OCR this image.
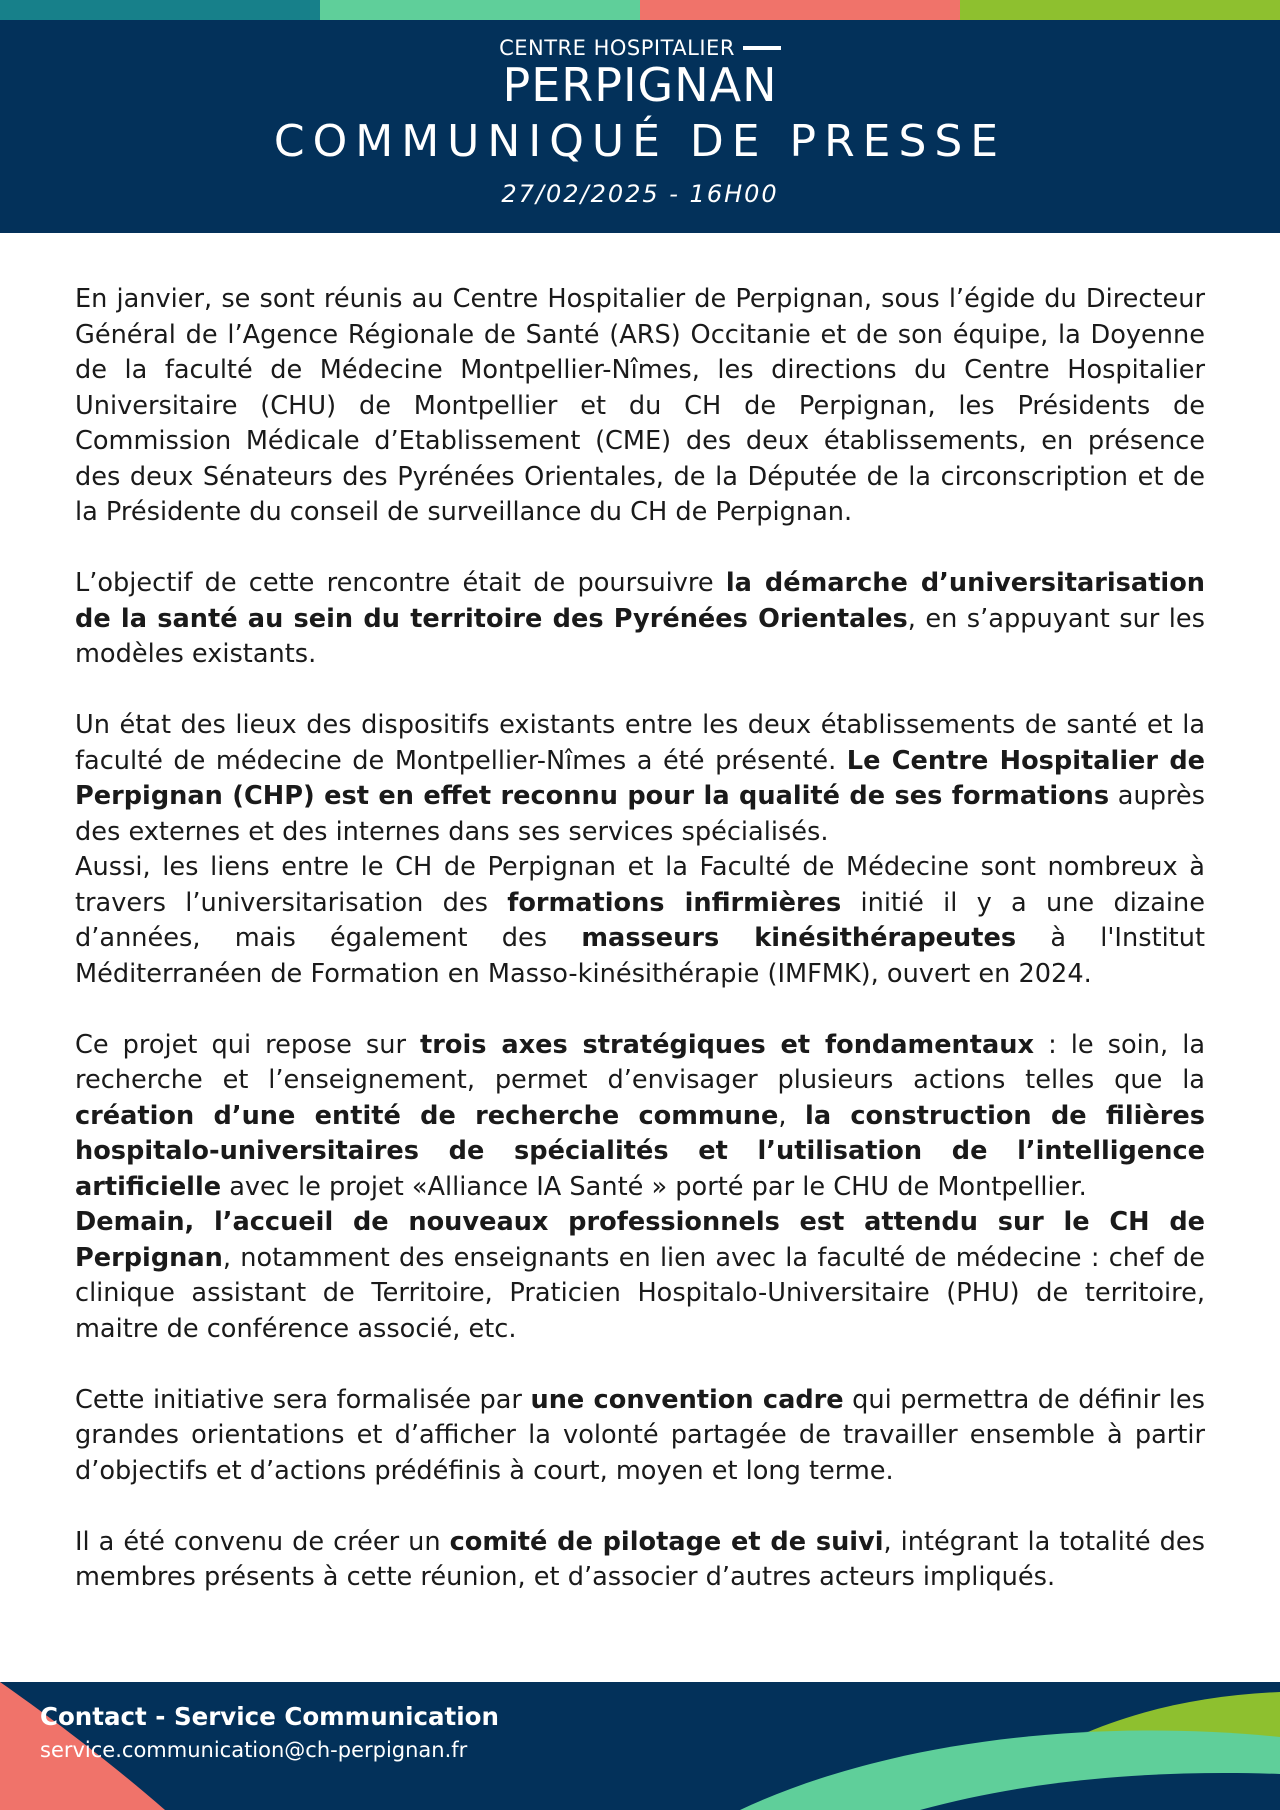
CENTRE HOSPITALIER
PERPIGNAN
COMMUNIQUÉ DE PRESSE
27/02/2025 - 16H00

En janvier, se sont réunis au Centre Hospitalier de Perpignan, sous l’égide du Directeur Général de l’Agence Régionale de Santé (ARS) Occitanie et de son équipe, la Doyenne de la faculté de Médecine Montpellier-Nîmes, les directions du Centre Hospitalier Universitaire (CHU) de Montpellier et du CH de Perpignan, les Présidents de Commission Médicale d’Etablissement (CME) des deux établissements, en présence des deux Sénateurs des Pyrénées Orientales, de la Députée de la circonscription et de la Présidente du conseil de surveillance du CH de Perpignan.

L’objectif de cette rencontre était de poursuivre la démarche d’universitarisation de la santé au sein du territoire des Pyrénées Orientales, en s’appuyant sur les modèles existants.

Un état des lieux des dispositifs existants entre les deux établissements de santé et la faculté de médecine de Montpellier-Nîmes a été présenté. Le Centre Hospitalier de Perpignan (CHP) est en effet reconnu pour la qualité de ses formations auprès des externes et des internes dans ses services spécialisés.

Aussi, les liens entre le CH de Perpignan et la Faculté de Médecine sont nombreux à travers l’universitarisation des formations infirmières initié il y a une dizaine d’années, mais également des masseurs kinésithérapeutes à l'Institut Méditerranéen de Formation en Masso-kinésithérapie (IMFMK), ouvert en 2024.

Ce projet qui repose sur trois axes stratégiques et fondamentaux : le soin, la recherche et l’enseignement, permet d’envisager plusieurs actions telles que la création d’une entité de recherche commune, la construction de filières hospitalo-universitaires de spécialités et l’utilisation de l’intelligence artificielle avec le projet «Alliance IA Santé » porté par le CHU de Montpellier.

Demain, l’accueil de nouveaux professionnels est attendu sur le CH de Perpignan, notamment des enseignants en lien avec la faculté de médecine : chef de clinique assistant de Territoire, Praticien Hospitalo-Universitaire (PHU) de territoire, maitre de conférence associé, etc.

Cette initiative sera formalisée par une convention cadre qui permettra de définir les grandes orientations et d’afficher la volonté partagée de travailler ensemble à partir d’objectifs et d’actions prédéfinis à court, moyen et long terme.

Il a été convenu de créer un comité de pilotage et de suivi, intégrant la totalité des membres présents à cette réunion, et d’associer d’autres acteurs impliqués.

Contact - Service Communication
service.communication@ch-perpignan.fr
